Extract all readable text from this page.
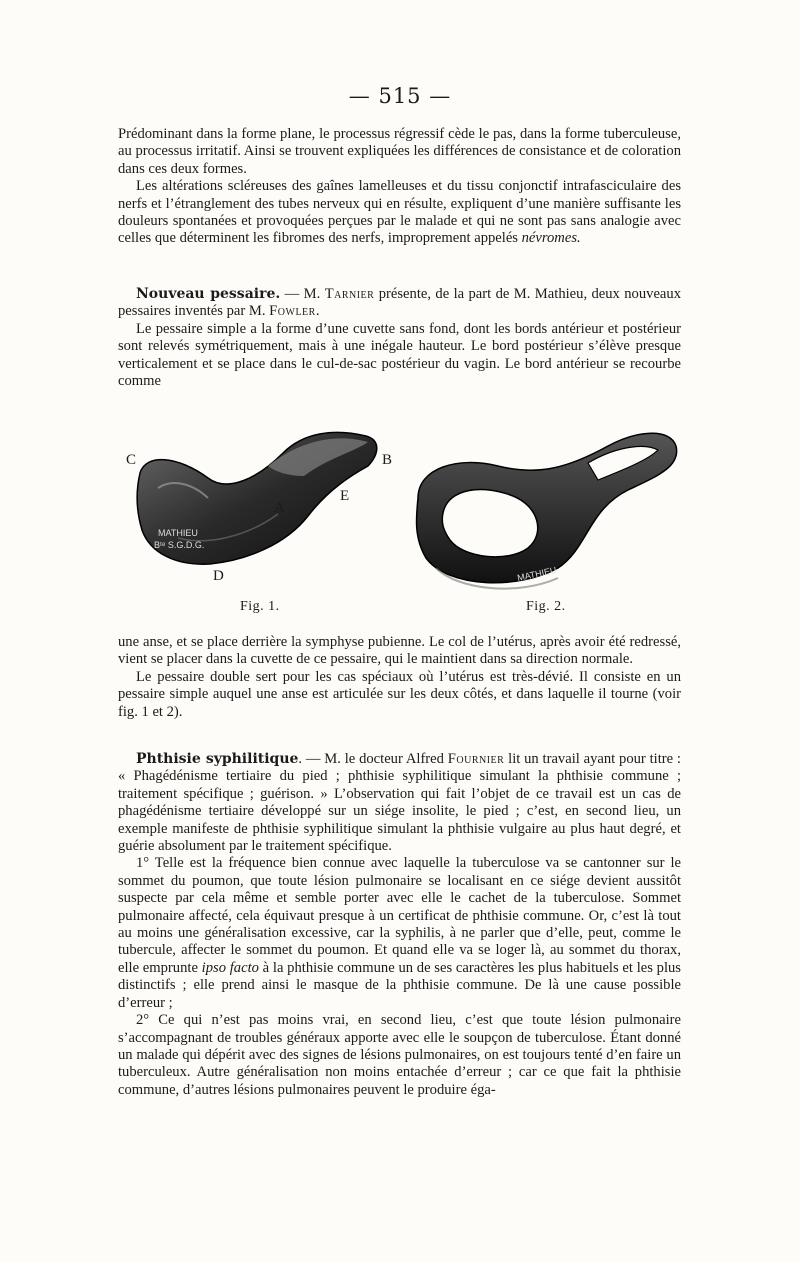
— 515 —

Prédominant dans la forme plane, le processus régressif cède le pas, dans la forme tuberculeuse, au processus irritatif. Ainsi se trouvent expliquées les différences de consistance et de coloration dans ces deux formes.

Les altérations scléreuses des gaînes lamelleuses et du tissu conjonctif intrafasciculaire des nerfs et l’étranglement des tubes nerveux qui en résulte, expliquent d’une manière suffisante les douleurs spontanées et provoquées perçues par le malade et qui ne sont pas sans analogie avec celles que déterminent les fibromes des nerfs, improprement appelés névromes.

Nouveau pessaire. — M. Tarnier présente, de la part de M. Mathieu, deux nouveaux pessaires inventés par M. Fowler.

Le pessaire simple a la forme d’une cuvette sans fond, dont les bords antérieur et postérieur sont relevés symétriquement, mais à une inégale hauteur. Le bord postérieur s’élève presque verticalement et se place dans le cul-de-sac postérieur du vagin. Le bord antérieur se recourbe comme

MATHIEU
Bᵗᵉ S.G.D.G.
MATHIEU
C	B
E
A
D
Fig. 1.	Fig. 2.

une anse, et se place derrière la symphyse pubienne. Le col de l’utérus, après avoir été redressé, vient se placer dans la cuvette de ce pessaire, qui le maintient dans sa direction normale.

Le pessaire double sert pour les cas spéciaux où l’utérus est très-dévié. Il consiste en un pessaire simple auquel une anse est articulée sur les deux côtés, et dans laquelle il tourne (voir fig. 1 et 2).

Phthisie syphilitique. — M. le docteur Alfred Fournier lit un travail ayant pour titre : « Phagédénisme tertiaire du pied ; phthisie syphilitique simulant la phthisie commune ; traitement spécifique ; guérison. » L’observation qui fait l’objet de ce travail est un cas de phagédénisme tertiaire développé sur un siége insolite, le pied ; c’est, en second lieu, un exemple manifeste de phthisie syphilitique simulant la phthisie vulgaire au plus haut degré, et guérie absolument par le traitement spécifique.

1° Telle est la fréquence bien connue avec laquelle la tuberculose va se cantonner sur le sommet du poumon, que toute lésion pulmonaire se localisant en ce siége devient aussitôt suspecte par cela même et semble porter avec elle le cachet de la tuberculose. Sommet pulmonaire affecté, cela équivaut presque à un certificat de phthisie commune. Or, c’est là tout au moins une généralisation excessive, car la syphilis, à ne parler que d’elle, peut, comme le tubercule, affecter le sommet du poumon. Et quand elle va se loger là, au sommet du thorax, elle emprunte ipso facto à la phthisie commune un de ses caractères les plus habituels et les plus distinctifs ; elle prend ainsi le masque de la phthisie commune. De là une cause possible d’erreur ;

2° Ce qui n’est pas moins vrai, en second lieu, c’est que toute lésion pulmonaire s’accompagnant de troubles généraux apporte avec elle le soupçon de tuberculose. Étant donné un malade qui dépérit avec des signes de lésions pulmonaires, on est toujours tenté d’en faire un tuberculeux. Autre généralisation non moins entachée d’erreur ; car ce que fait la phthisie commune, d’autres lésions pulmonaires peuvent le produire éga-
